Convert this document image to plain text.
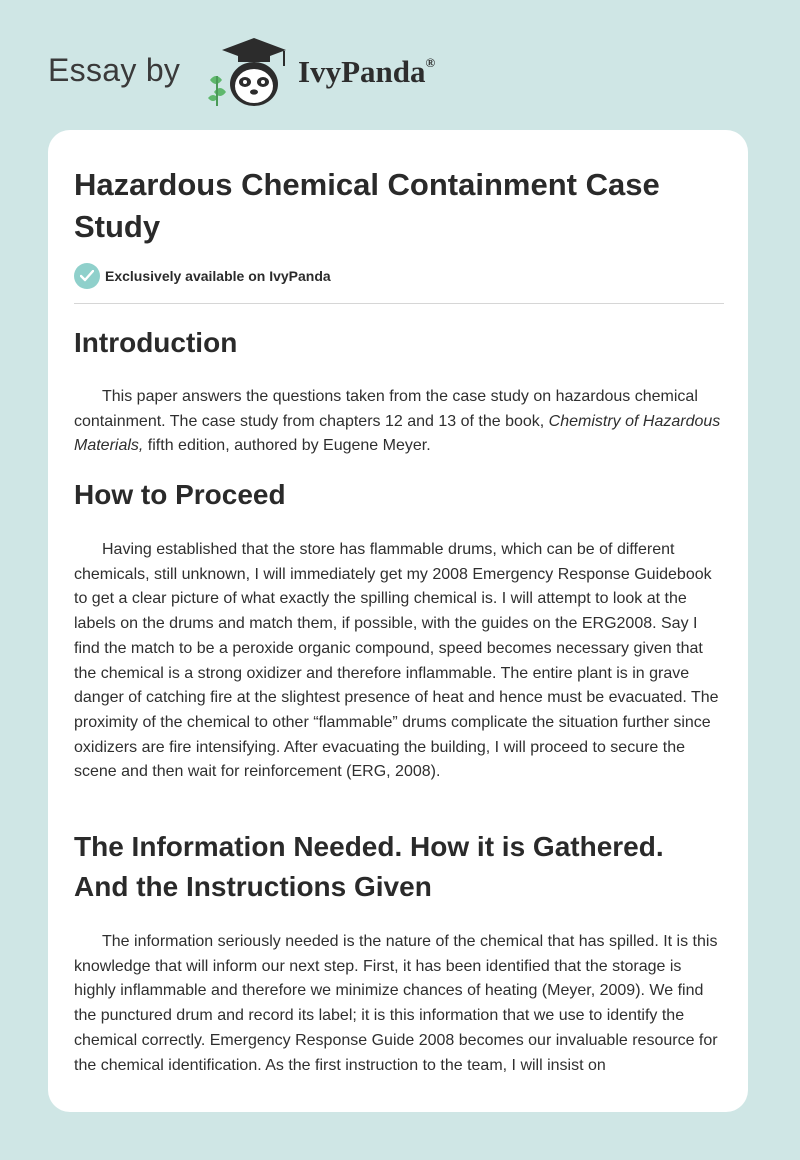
Essay by	IvyPanda®
Hazardous Chemical Containment Case Study
Exclusively available on IvyPanda
Introduction

This paper answers the questions taken from the case study on hazardous chemical containment. The case study from chapters 12 and 13 of the book, Chemistry of Hazardous Materials, fifth edition, authored by Eugene Meyer.

How to Proceed

Having established that the store has flammable drums, which can be of different chemicals, still unknown, I will immediately get my 2008 Emergency Response Guidebook to get a clear picture of what exactly the spilling chemical is. I will attempt to look at the labels on the drums and match them, if possible, with the guides on the ERG2008. Say I find the match to be a peroxide organic compound, speed becomes necessary given that the chemical is a strong oxidizer and therefore inflammable. The entire plant is in grave danger of catching fire at the slightest presence of heat and hence must be evacuated. The proximity of the chemical to other “flammable” drums complicate the situation further since oxidizers are fire intensifying. After evacuating the building, I will proceed to secure the scene and then wait for reinforcement (ERG, 2008).

The Information Needed. How it is Gathered. And the Instructions Given

The information seriously needed is the nature of the chemical that has spilled. It is this knowledge that will inform our next step. First, it has been identified that the storage is highly inflammable and therefore we minimize chances of heating (Meyer, 2009). We find the punctured drum and record its label; it is this information that we use to identify the chemical correctly. Emergency Response Guide 2008 becomes our invaluable resource for the chemical identification. As the first instruction to the team, I will insist on
